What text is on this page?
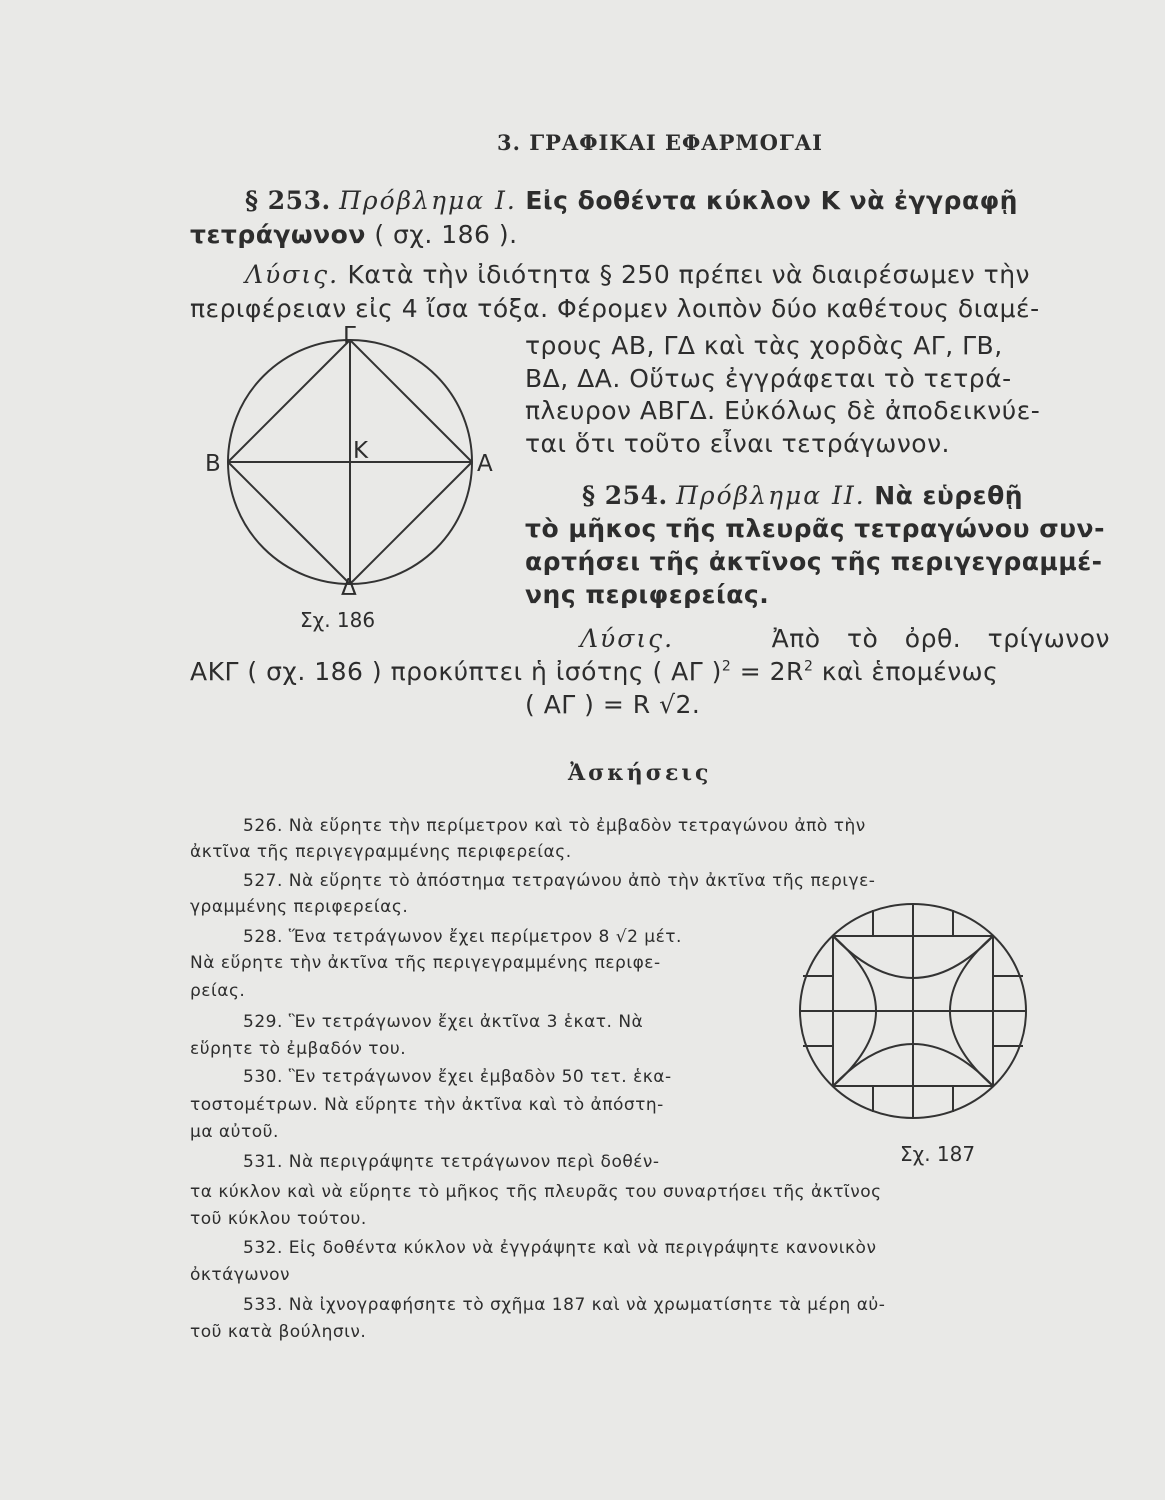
3. ΓΡΑΦΙΚΑΙ ΕΦΑΡΜΟΓΑΙ
§ 253. Πρόβλημα Ι. Εἰς δοθέντα κύκλον Κ νὰ ἐγγραφῇ
τετράγωνον ( σχ. 186 ).
Λύσις. Κατὰ τὴν ἰδιότητα § 250 πρέπει νὰ διαιρέσωμεν τὴν
περιφέρειαν εἰς 4 ἴσα τόξα. Φέρομεν λοιπὸν δύο καθέτους διαμέ-
τρους ΑΒ, ΓΔ καὶ τὰς χορδὰς ΑΓ, ΓΒ,
ΒΔ, ΔΑ. Οὕτως ἐγγράφεται τὸ τετρά-
πλευρον ΑΒΓΔ. Εὐκόλως δὲ ἀποδεικνύε-
ται ὅτι τοῦτο εἶναι τετράγωνον.
Γ
Β	Α
Δ
Κ
Σχ. 186
§ 254. Πρόβλημα ΙΙ. Νὰ εὑρεθῇ
τὸ μῆκος τῆς πλευρᾶς τετραγώνου συν-
αρτήσει τῆς ἀκτῖνος τῆς περιγεγραμμέ-
νης περιφερείας.
Λύσις.	Ἀπὸ τὸ ὀρθ. τρίγωνον
ΑΚΓ ( σχ. 186 ) προκύπτει ἡ ἰσότης ( ΑΓ )$^2 = 2R^2$ καὶ ἑπομένως
( ΑΓ ) = R √2.
Ἀσκήσεις
526. Νὰ εὕρητε τὴν περίμετρον καὶ τὸ ἐμβαδὸν τετραγώνου ἀπὸ τὴν
ἀκτῖνα τῆς περιγεγραμμένης περιφερείας.
527. Νὰ εὕρητε τὸ ἀπόστημα τετραγώνου ἀπὸ τὴν ἀκτῖνα τῆς περιγε-
γραμμένης περιφερείας.
528. Ἕνα τετράγωνον ἔχει περίμετρον 8 √2 μέτ.
Νὰ εὕρητε τὴν ἀκτῖνα τῆς περιγεγραμμένης περιφε-
ρείας.
529. Ἓν τετράγωνον ἔχει ἀκτῖνα 3 ἑκατ. Νὰ
εὕρητε τὸ ἐμβαδόν του.
530. Ἓν τετράγωνον ἔχει ἐμβαδὸν 50 τετ. ἑκα-
τοστομέτρων. Νὰ εὕρητε τὴν ἀκτῖνα καὶ τὸ ἀπόστη-
μα αὐτοῦ.
531. Νὰ περιγράψητε τετράγωνον περὶ δοθέν-
τα κύκλον καὶ νὰ εὕρητε τὸ μῆκος τῆς πλευρᾶς του συναρτήσει τῆς ἀκτῖνος
τοῦ κύκλου τούτου.
532. Εἰς δοθέντα κύκλον νὰ ἐγγράψητε καὶ νὰ περιγράψητε κανονικὸν
ὀκτάγωνον
533. Νὰ ἰχνογραφήσητε τὸ σχῆμα 187 καὶ νὰ χρωματίσητε τὰ μέρη αὐ-
τοῦ κατὰ βούλησιν.
Σχ. 187
